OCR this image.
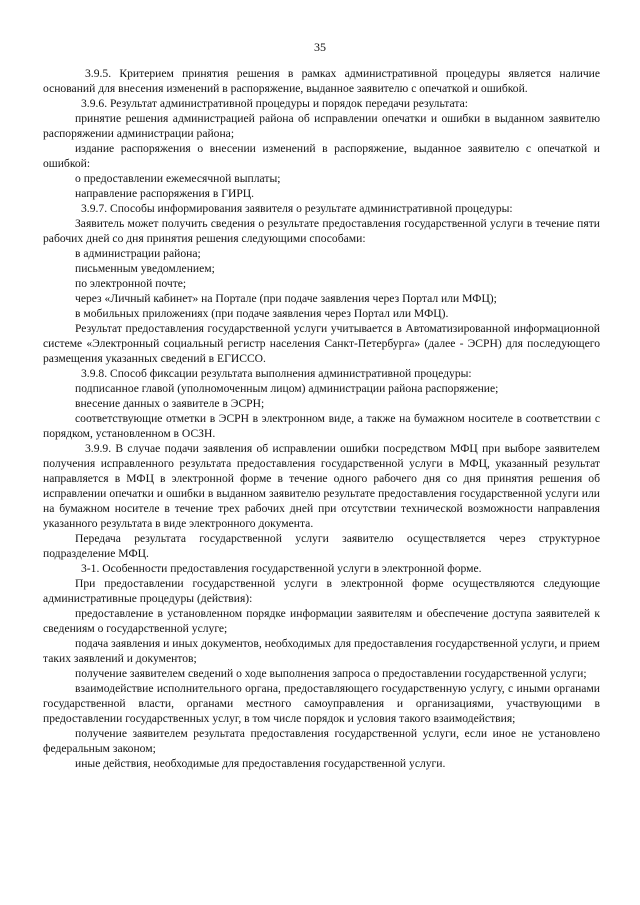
35

3.9.5. Критерием принятия решения в рамках административной процедуры является наличие оснований для внесения изменений в распоряжение, выданное заявителю с опечаткой и ошибкой.

3.9.6. Результат административной процедуры и порядок передачи результата:

принятие решения администрацией района об исправлении опечатки и ошибки в выданном заявителю распоряжении администрации района;

издание распоряжения о внесении изменений в распоряжение, выданное заявителю с опечаткой и ошибкой:

о предоставлении ежемесячной выплаты;

направление распоряжения в ГИРЦ.

3.9.7. Способы информирования заявителя о результате административной процедуры:

Заявитель может получить сведения о результате предоставления государственной услуги в течение пяти рабочих дней со дня принятия решения следующими способами:

в администрации района;

письменным уведомлением;

по электронной почте;

через «Личный кабинет» на Портале (при подаче заявления через Портал или МФЦ);

в мобильных приложениях (при подаче заявления через Портал или МФЦ).

Результат предоставления государственной услуги учитывается в Автоматизированной информационной системе «Электронный социальный регистр населения Санкт-Петербурга» (далее - ЭСРН) для последующего размещения указанных сведений в ЕГИССО.

3.9.8. Способ фиксации результата выполнения административной процедуры:

подписанное главой (уполномоченным лицом) администрации района распоряжение;

внесение данных о заявителе в ЭСРН;

соответствующие отметки в ЭСРН в электронном виде, а также на бумажном носителе в соответствии с порядком, установленном в ОСЗН.

3.9.9. В случае подачи заявления об исправлении ошибки посредством МФЦ при выборе заявителем получения исправленного результата предоставления государственной услуги в МФЦ, указанный результат направляется в МФЦ в электронной форме в течение одного рабочего дня со дня принятия решения об исправлении опечатки и ошибки в выданном заявителю результате предоставления государственной услуги или на бумажном носителе в течение трех рабочих дней при отсутствии технической возможности направления указанного результата в виде электронного документа.

Передача результата государственной услуги заявителю осуществляется через структурное подразделение МФЦ.

3-1. Особенности предоставления государственной услуги в электронной форме.

При предоставлении государственной услуги в электронной форме осуществляются следующие административные процедуры (действия):

предоставление в установленном порядке информации заявителям и обеспечение доступа заявителей к сведениям о государственной услуге;

подача заявления и иных документов, необходимых для предоставления государственной услуги, и прием таких заявлений и документов;

получение заявителем сведений о ходе выполнения запроса о предоставлении государственной услуги;

взаимодействие исполнительного органа, предоставляющего государственную услугу, с иными органами государственной власти, органами местного самоуправления и организациями, участвующими в предоставлении государственных услуг, в том числе порядок и условия такого взаимодействия;

получение заявителем результата предоставления государственной услуги, если иное не установлено федеральным законом;

иные действия, необходимые для предоставления государственной услуги.
